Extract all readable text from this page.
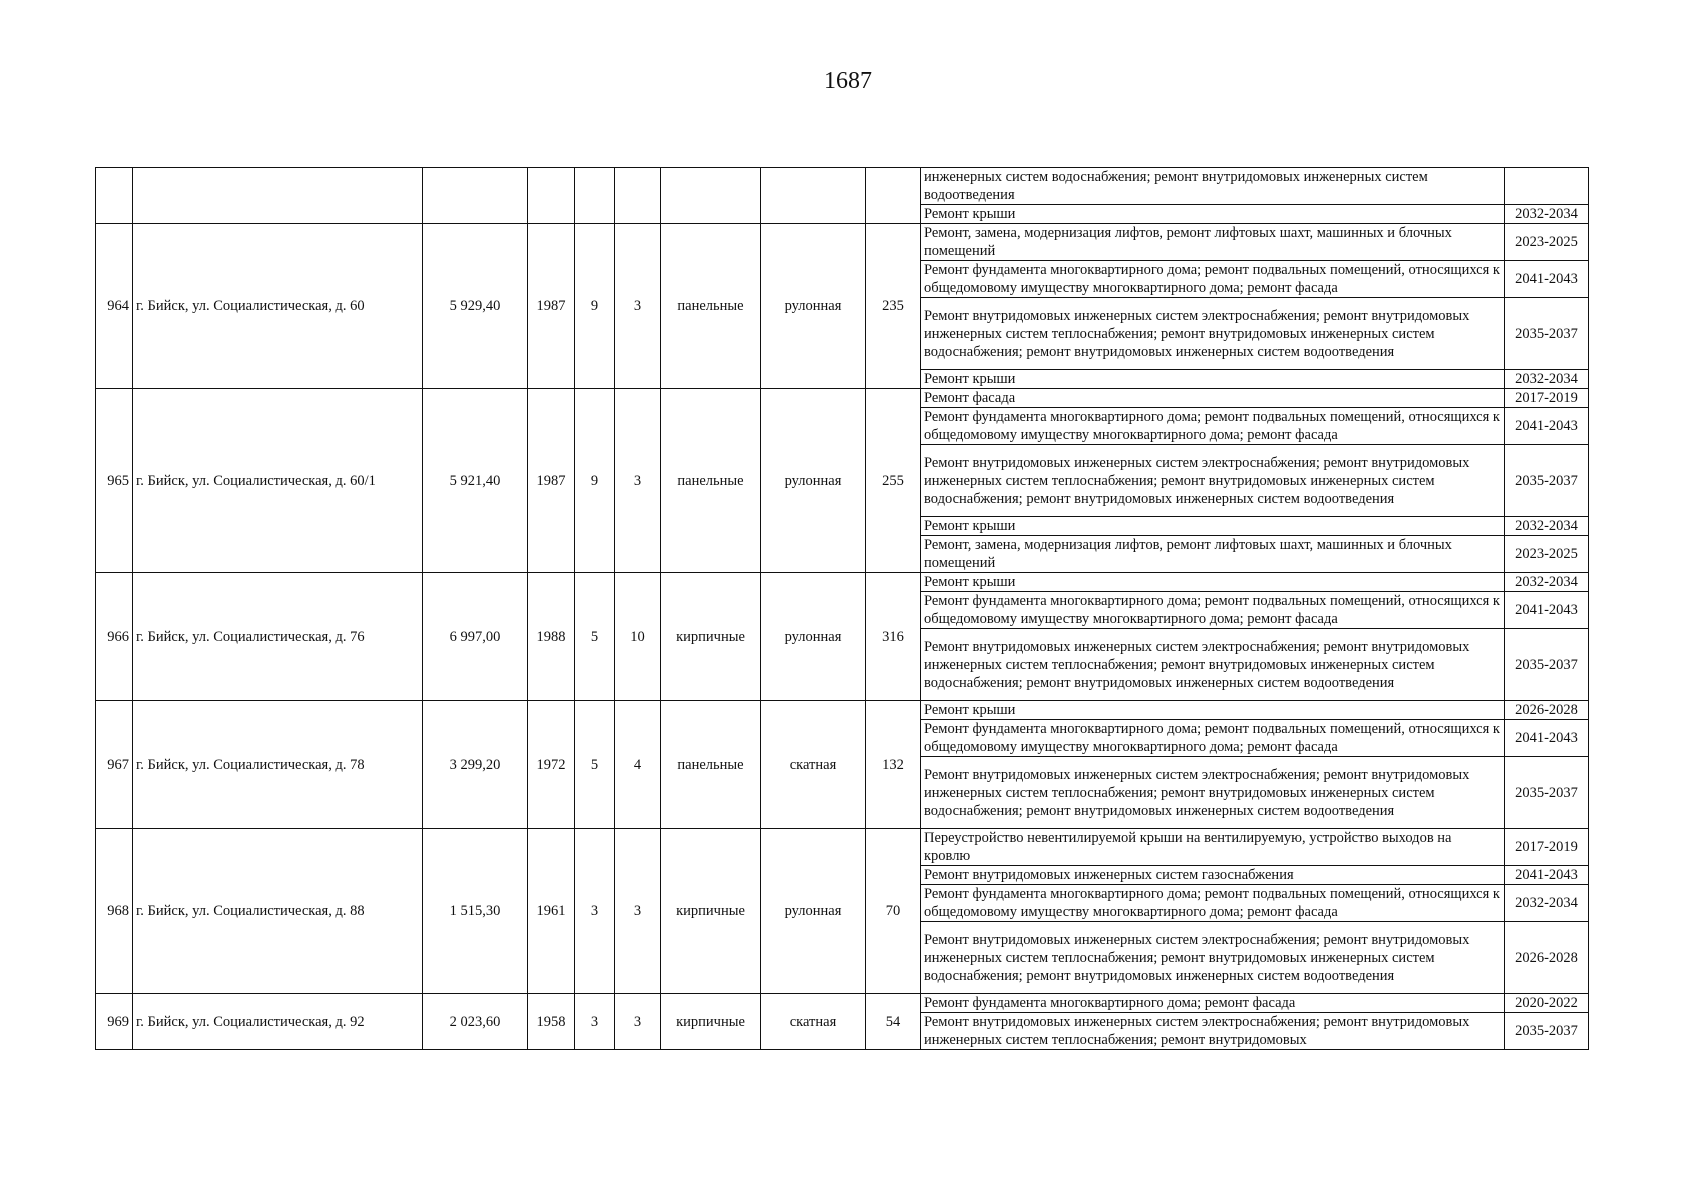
1687
									инженерных систем водоснабжения; ремонт внутридомовых инженерных систем водоотведения	
									Ремонт крыши	2032-2034
964	г. Бийск, ул. Социалистическая, д. 60	5 929,40	1987	9	3	панельные	рулонная	235	Ремонт, замена, модернизация лифтов, ремонт лифтовых шахт, машинных и блочных помещений	2023-2025
									Ремонт фундамента многоквартирного дома; ремонт подвальных помещений, относящихся к общедомовому имуществу многоквартирного дома; ремонт фасада	2041-2043
									Ремонт внутридомовых инженерных систем электроснабжения; ремонт внутридомовых инженерных систем теплоснабжения; ремонт внутридомовых инженерных систем водоснабжения; ремонт внутридомовых инженерных систем водоотведения	2035-2037
									Ремонт крыши	2032-2034
965	г. Бийск, ул. Социалистическая, д. 60/1	5 921,40	1987	9	3	панельные	рулонная	255	Ремонт фасада	2017-2019
									Ремонт фундамента многоквартирного дома; ремонт подвальных помещений, относящихся к общедомовому имуществу многоквартирного дома; ремонт фасада	2041-2043
									Ремонт внутридомовых инженерных систем электроснабжения; ремонт внутридомовых инженерных систем теплоснабжения; ремонт внутридомовых инженерных систем водоснабжения; ремонт внутридомовых инженерных систем водоотведения	2035-2037
									Ремонт крыши	2032-2034
									Ремонт, замена, модернизация лифтов, ремонт лифтовых шахт, машинных и блочных помещений	2023-2025
966	г. Бийск, ул. Социалистическая, д. 76	6 997,00	1988	5	10	кирпичные	рулонная	316	Ремонт крыши	2032-2034
									Ремонт фундамента многоквартирного дома; ремонт подвальных помещений, относящихся к общедомовому имуществу многоквартирного дома; ремонт фасада	2041-2043
									Ремонт внутридомовых инженерных систем электроснабжения; ремонт внутридомовых инженерных систем теплоснабжения; ремонт внутридомовых инженерных систем водоснабжения; ремонт внутридомовых инженерных систем водоотведения	2035-2037
967	г. Бийск, ул. Социалистическая, д. 78	3 299,20	1972	5	4	панельные	скатная	132	Ремонт крыши	2026-2028
									Ремонт фундамента многоквартирного дома; ремонт подвальных помещений, относящихся к общедомовому имуществу многоквартирного дома; ремонт фасада	2041-2043
									Ремонт внутридомовых инженерных систем электроснабжения; ремонт внутридомовых инженерных систем теплоснабжения; ремонт внутридомовых инженерных систем водоснабжения; ремонт внутридомовых инженерных систем водоотведения	2035-2037
968	г. Бийск, ул. Социалистическая, д. 88	1 515,30	1961	3	3	кирпичные	рулонная	70	Переустройство невентилируемой крыши на вентилируемую, устройство выходов на кровлю	2017-2019
									Ремонт внутридомовых инженерных систем газоснабжения	2041-2043
									Ремонт фундамента многоквартирного дома; ремонт подвальных помещений, относящихся к общедомовому имуществу многоквартирного дома; ремонт фасада	2032-2034
									Ремонт внутридомовых инженерных систем электроснабжения; ремонт внутридомовых инженерных систем теплоснабжения; ремонт внутридомовых инженерных систем водоснабжения; ремонт внутридомовых инженерных систем водоотведения	2026-2028
969	г. Бийск, ул. Социалистическая, д. 92	2 023,60	1958	3	3	кирпичные	скатная	54	Ремонт фундамента многоквартирного дома; ремонт фасада	2020-2022
									Ремонт внутридомовых инженерных систем электроснабжения; ремонт внутридомовых инженерных систем теплоснабжения; ремонт внутридомовых	2035-2037
